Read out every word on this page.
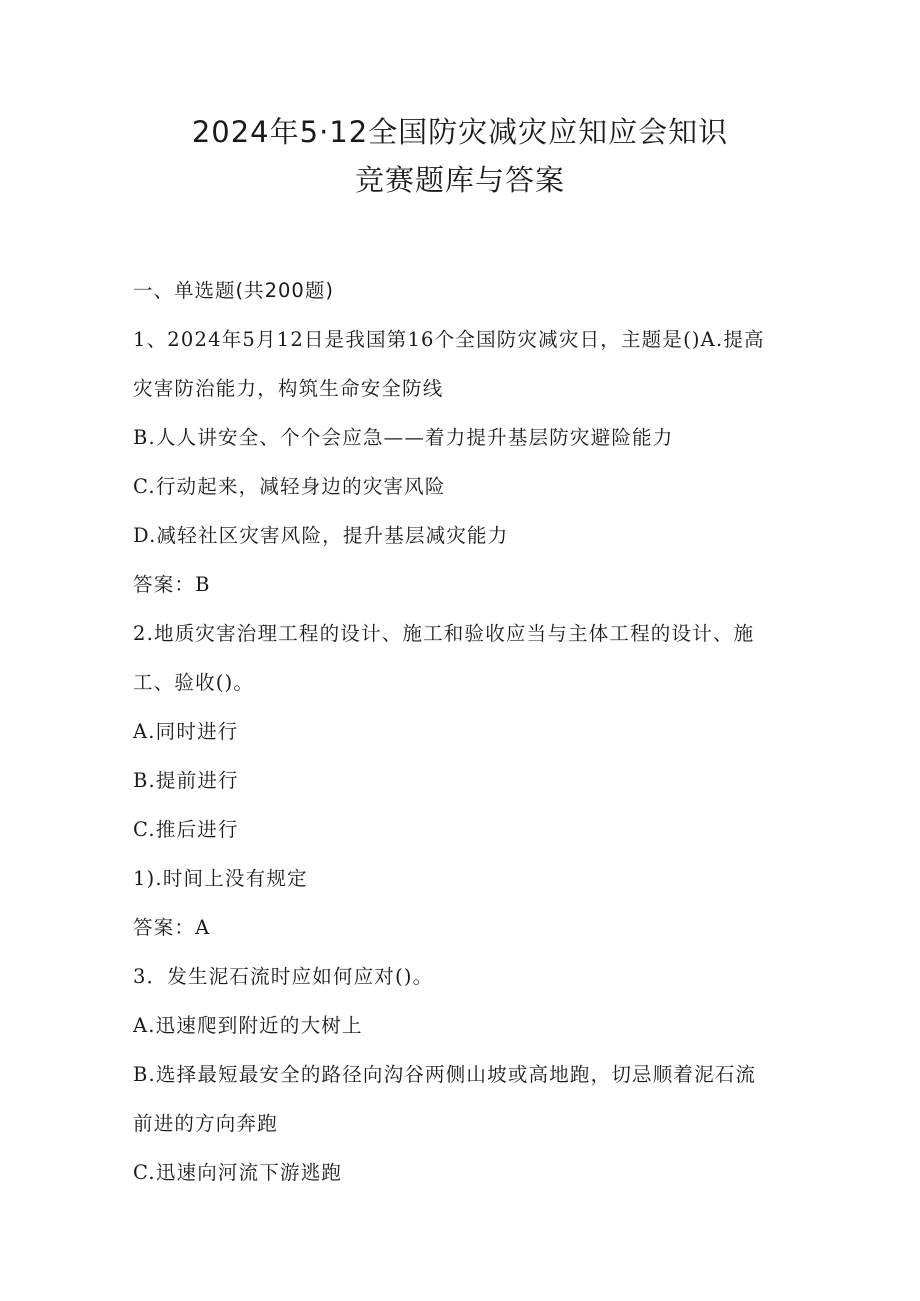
2024年5·12全国防灾减灾应知应会知识
竞赛题库与答案
一、单选题(共200题)
1、2024年5月12日是我国第16个全国防灾减灾日，主题是()A.提高
灾害防治能力，构筑生命安全防线
B.人人讲安全、个个会应急——着力提升基层防灾避险能力
C.行动起来，减轻身边的灾害风险
D.减轻社区灾害风险，提升基层减灾能力
答案：B
2.地质灾害治理工程的设计、施工和验收应当与主体工程的设计、施
工、验收()。
A.同时进行
B.提前进行
C.推后进行
1).时间上没有规定
答案：A
3．发生泥石流时应如何应对()。
A.迅速爬到附近的大树上
B.选择最短最安全的路径向沟谷两侧山坡或高地跑，切忌顺着泥石流
前进的方向奔跑
C.迅速向河流下游逃跑
